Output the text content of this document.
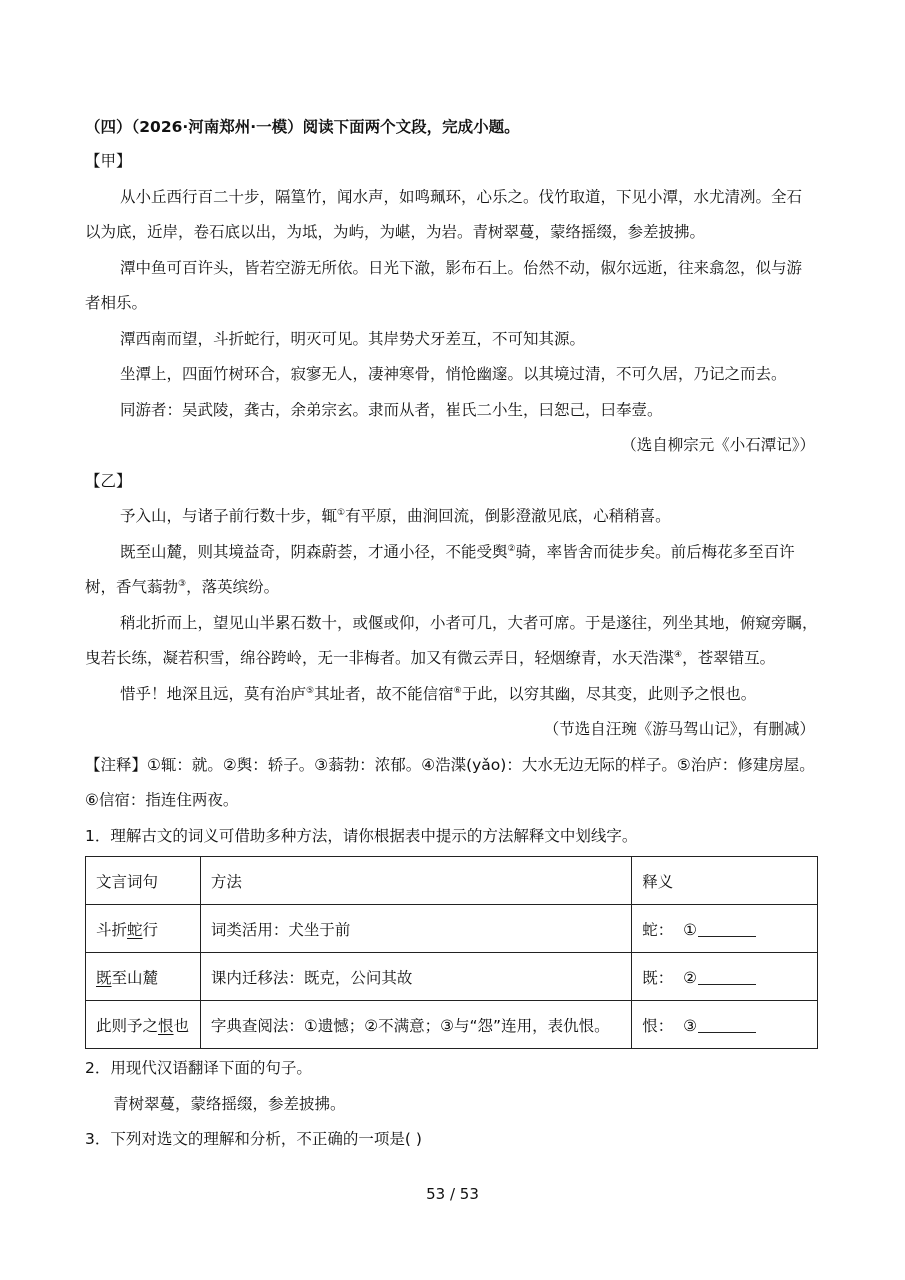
（四）（2026·河南郑州·一模）阅读下面两个文段，完成小题。
【甲】
从小丘西行百二十步，隔篁竹，闻水声，如鸣珮环，心乐之。伐竹取道，下见小潭，水尤清冽。全石
以为底，近岸，卷石底以出，为坻，为屿，为嵁，为岩。青树翠蔓，蒙络摇缀，参差披拂。
潭中鱼可百许头，皆若空游无所依。日光下澈，影布石上。佁然不动，俶尔远逝，往来翕忽，似与游
者相乐。
潭西南而望，斗折蛇行，明灭可见。其岸势犬牙差互，不可知其源。
坐潭上，四面竹树环合，寂寥无人，凄神寒骨，悄怆幽邃。以其境过清，不可久居，乃记之而去。
同游者：吴武陵，龚古，余弟宗玄。隶而从者，崔氏二小生，曰恕己，曰奉壹。
（选自柳宗元《小石潭记》）
【乙】
予入山，与诸子前行数十步，辄①有平原，曲涧回流，倒影澄澈见底，心稍稍喜。
既至山麓，则其境益奇，阴森蔚荟，才通小径，不能受舆②骑，率皆舍而徒步矣。前后梅花多至百许
树，香气蓊勃③，落英缤纷。
稍北折而上，望见山半累石数十，或偃或仰，小者可几，大者可席。于是遂往，列坐其地，俯窥旁瞩，
曳若长练，凝若积雪，绵谷跨岭，无一非梅者。加又有微云弄日，轻烟缭青，水天浩渫④，苍翠错互。
惜乎！地深且远，莫有治庐⑤其址者，故不能信宿⑥于此，以穷其幽，尽其变，此则予之恨也。
（节选自汪琬《游马驾山记》，有删减）
【注释】①辄：就。②舆：轿子。③蓊勃：浓郁。④浩渫(yǎo)：大水无边无际的样子。⑤治庐：修建房屋。
⑥信宿：指连住两夜。
1．理解古文的词义可借助多种方法，请你根据表中提示的方法解释文中划线字。
文言词句	方法	释义
斗折蛇行	词类活用：犬坐于前	蛇： ①
既至山麓	课内迁移法：既克，公问其故	既： ②
此则予之恨也	字典查阅法：①遗憾；②不满意；③与“怨”连用，表仇恨。	恨： ③
2．用现代汉语翻译下面的句子。
青树翠蔓，蒙络摇缀，参差披拂。
3．下列对选文的理解和分析，不正确的一项是( )
53 / 53
